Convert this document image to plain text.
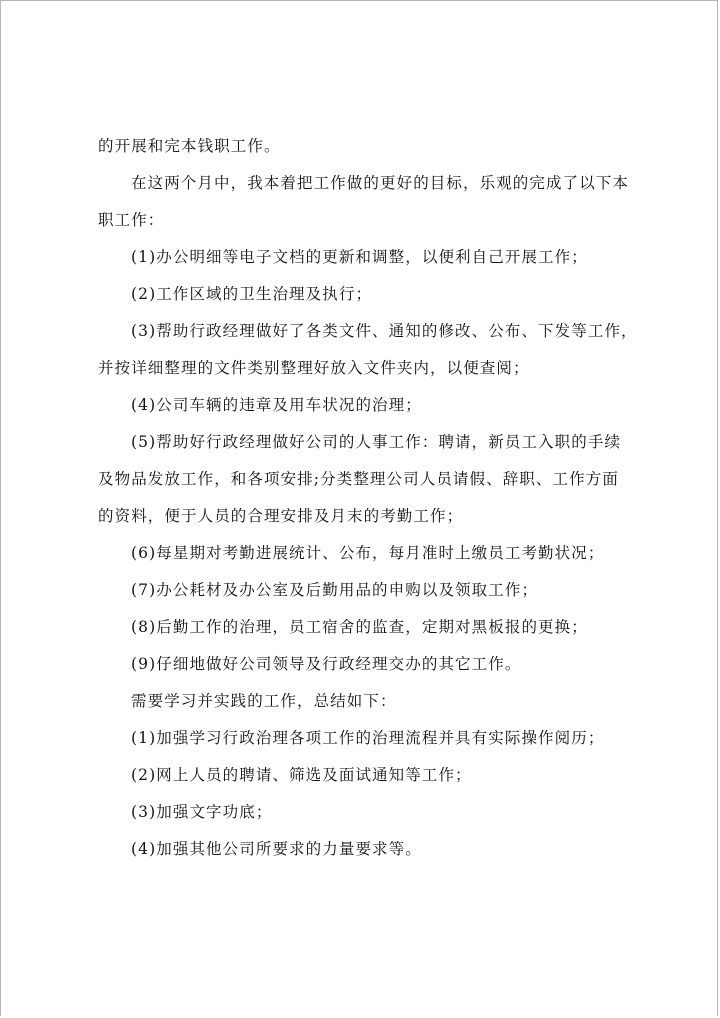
的开展和完本钱职工作。
在这两个月中，我本着把工作做的更好的目标，乐观的完成了以下本
职工作：
(1)办公明细等电子文档的更新和调整，以便利自己开展工作；
(2)工作区域的卫生治理及执行；
(3)帮助行政经理做好了各类文件、通知的修改、公布、下发等工作，
并按详细整理的文件类别整理好放入文件夹内，以便查阅；
(4)公司车辆的违章及用车状况的治理；
(5)帮助好行政经理做好公司的人事工作：聘请，新员工入职的手续
及物品发放工作，和各项安排;分类整理公司人员请假、辞职、工作方面
的资料，便于人员的合理安排及月末的考勤工作；
(6)每星期对考勤进展统计、公布，每月准时上缴员工考勤状况；
(7)办公耗材及办公室及后勤用品的申购以及领取工作；
(8)后勤工作的治理，员工宿舍的监查，定期对黑板报的更换；
(9)仔细地做好公司领导及行政经理交办的其它工作。
需要学习并实践的工作，总结如下：
(1)加强学习行政治理各项工作的治理流程并具有实际操作阅历；
(2)网上人员的聘请、筛选及面试通知等工作；
(3)加强文字功底；
(4)加强其他公司所要求的力量要求等。
